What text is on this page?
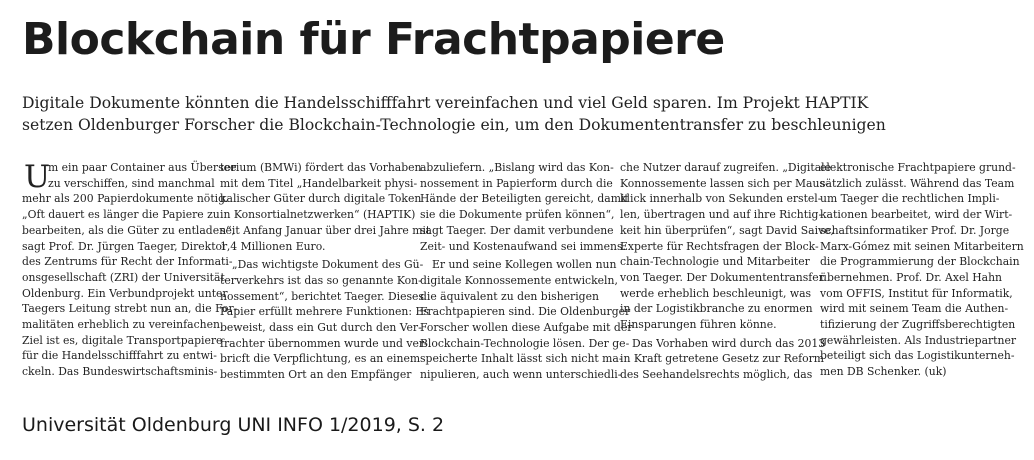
Blockchain für Frachtpapiere

Digitale Dokumente könnten die Handelsschifffahrt vereinfachen und viel Geld sparen. Im Projekt HAPTIK
setzen Oldenburger Forscher die Blockchain-Technologie ein, um den Dokumententransfer zu beschleunigen

U
m ein paar Container aus Übersee
zu verschiffen, sind manchmal
mehr als 200 Papierdokumente nötig.
„Oft dauert es länger die Papiere zu
bearbeiten, als die Güter zu entladen“,
sagt Prof. Dr. Jürgen Taeger, Direktor
des Zentrums für Recht der Informati-
onsgesellschaft (ZRI) der Universität
Oldenburg. Ein Verbundprojekt unter
Taegers Leitung strebt nun an, die For-
malitäten erheblich zu vereinfachen.
Ziel ist es, digitale Transportpapiere
für die Handelsschifffahrt zu entwi-
ckeln. Das Bundeswirtschaftsminis-
terium (BMWi) fördert das Vorhaben
mit dem Titel „Handelbarkeit physi-
kalischer Güter durch digitale Token
in Konsortialnetzwerken“ (HAPTIK)
seit Anfang Januar über drei Jahre mit
1,4 Millionen Euro.
„Das wichtigste Dokument des Gü-
terverkehrs ist das so genannte Kon-
nossement“, berichtet Taeger. Dieses
Papier erfüllt mehrere Funktionen: Es
beweist, dass ein Gut durch den Ver-
frachter übernommen wurde und ver-
bricft die Verpflichtung, es an einem
bestimmten Ort an den Empfänger
abzuliefern. „Bislang wird das Kon-
nossement in Papierform durch die
Hände der Beteiligten gereicht, damit
sie die Dokumente prüfen können“,
sagt Taeger. Der damit verbundene
Zeit- und Kostenaufwand sei immens.
Er und seine Kollegen wollen nun
digitale Konnossemente entwickeln,
die äquivalent zu den bisherigen
Frachtpapieren sind. Die Oldenburger
Forscher wollen diese Aufgabe mit der
Blockchain-Technologie lösen. Der ge-
speicherte Inhalt lässt sich nicht ma-
nipulieren, auch wenn unterschiedli-
che Nutzer darauf zugreifen. „Digitale
Konnossemente lassen sich per Maus-
klick innerhalb von Sekunden erstel-
len, übertragen und auf ihre Richtig-
keit hin überprüfen“, sagt David Saive,
Experte für Rechtsfragen der Block-
chain-Technologie und Mitarbeiter
von Taeger. Der Dokumententransfer
werde erheblich beschleunigt, was
in der Logistikbranche zu enormen
Einsparungen führen könne.
Das Vorhaben wird durch das 2013
in Kraft getretene Gesetz zur Reform
des Seehandelsrechts möglich, das
elektronische Frachtpapiere grund-
sätzlich zulässt. Während das Team
um Taeger die rechtlichen Impli-
kationen bearbeitet, wird der Wirt-
schaftsinformatiker Prof. Dr. Jorge
Marx-Gómez mit seinen Mitarbeitern
die Programmierung der Blockchain
übernehmen. Prof. Dr. Axel Hahn
vom OFFIS, Institut für Informatik,
wird mit seinem Team die Authen-
tifizierung der Zugriffsberechtigten
gewährleisten. Als Industriepartner
beteiligt sich das Logistikunterneh-
men DB Schenker. (uk)

Universität Oldenburg UNI INFO 1/2019, S. 2
